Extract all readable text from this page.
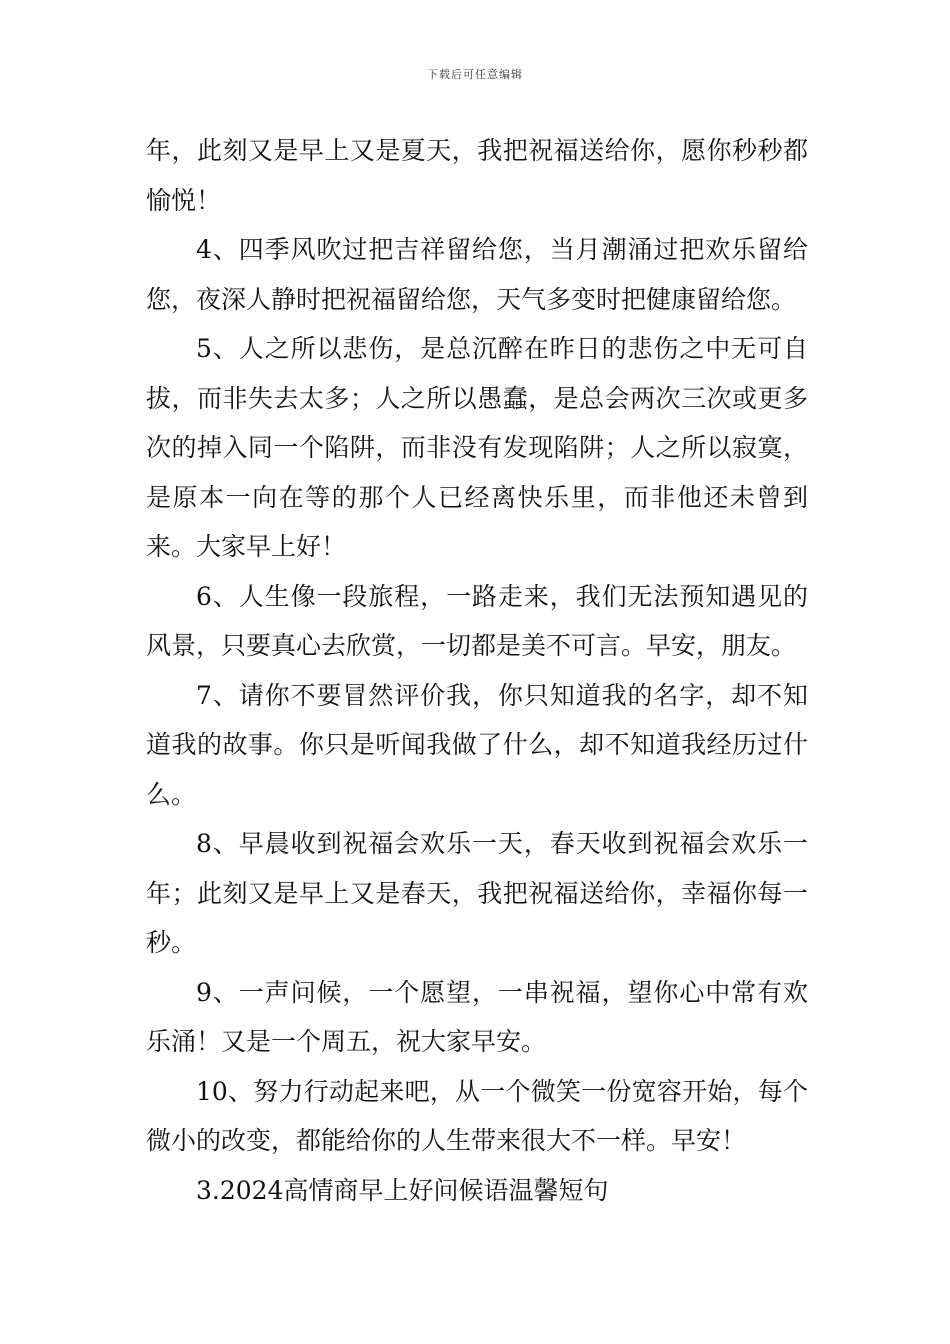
下载后可任意编辑

年，此刻又是早上又是夏天，我把祝福送给你，愿你秒秒都愉悦！

4、四季风吹过把吉祥留给您，当月潮涌过把欢乐留给您，夜深人静时把祝福留给您，天气多变时把健康留给您。

5、人之所以悲伤，是总沉醉在昨日的悲伤之中无可自拔，而非失去太多；人之所以愚蠢，是总会两次三次或更多次的掉入同一个陷阱，而非没有发现陷阱；人之所以寂寞，是原本一向在等的那个人已经离快乐里，而非他还未曾到来。大家早上好！

6、人生像一段旅程，一路走来，我们无法预知遇见的风景，只要真心去欣赏，一切都是美不可言。早安，朋友。

7、请你不要冒然评价我，你只知道我的名字，却不知道我的故事。你只是听闻我做了什么，却不知道我经历过什么。

8、早晨收到祝福会欢乐一天，春天收到祝福会欢乐一年；此刻又是早上又是春天，我把祝福送给你，幸福你每一秒。

9、一声问候，一个愿望，一串祝福，望你心中常有欢乐涌！又是一个周五，祝大家早安。

10、努力行动起来吧，从一个微笑一份宽容开始，每个微小的改变，都能给你的人生带来很大不一样。早安！

3.2024高情商早上好问候语温馨短句
